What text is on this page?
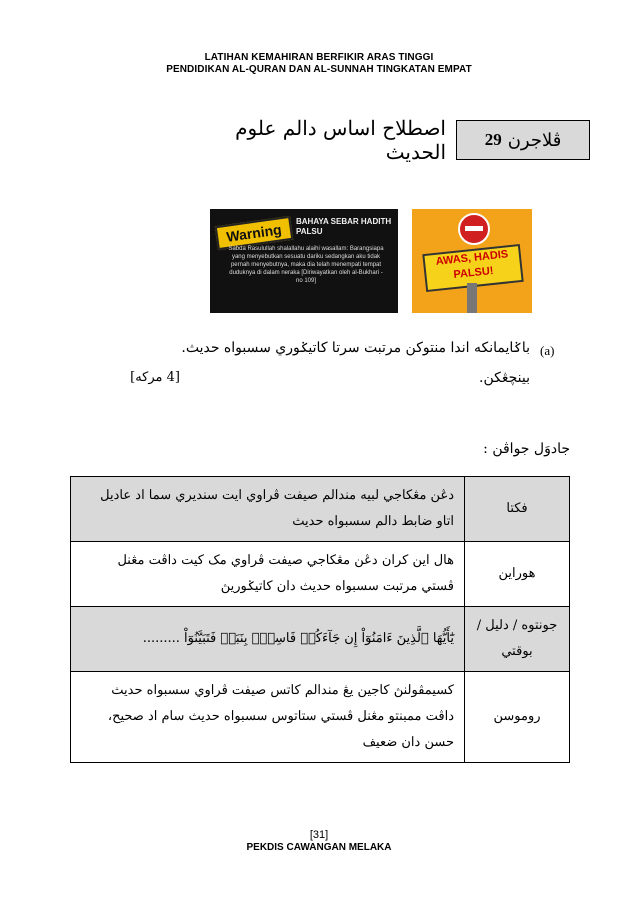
LATIHAN KEMAHIRAN BERFIKIR ARAS TINGGI
PENDIDIKAN AL-QURAN DAN AL-SUNNAH TINGKATAN EMPAT
اصطلاح اساس دالم علوم الحديث	ڤلاجرن
29
Warning	BAHAYA SEBAR HADITH PALSU
Sabda Rasulullah shalallahu alaihi wasallam: Barangsiapa yang menyebutkan sesuatu dariku sedangkan aku tidak pernah menyebutnya, maka dia telah menempati tempat duduknya di dalam neraka [Diriwayatkan oleh al-Bukhari - no 109]
AWAS, HADIS PALSU!
(a)
باݢايمانكه اندا منتوكن مرتبت سرتا كاتيݢوري سسبواه حديث.
بينچڠكن.
[4 مركه]
جادوَل جواڤن :
فكتا	دڠن مڠكاجي لبيه مندالم صيفت ڤراوي ايت سنديري سما اد عاديل اتاو ضابط دالم سسبواه حديث
هوراين	هال اين كران دڠن مڠكاجي صيفت ڤراوي مک کيت داڤت مڠنل ڤستي مرتبت سسبواه حديث دان كاتيݢوريڽ
جونتوه / دليل / بوقتي	يَٰٓأَيُّهَا ٱلَّذِينَ ءَامَنُوٓاْ إِن جَآءَكُمۡ فَاسِقُۢ بِنَبَإٖ فَتَبَيَّنُوٓاْ .........
روموسن	كسيمڤولنڽ كاجين يڠ مندالم كاتس صيفت ڤراوي سسبواه حديث داڤت ممبنتو مڠنل ڤستي ستاتوس سسبواه حديث سام اد صحيح، حسن دان ضعيف
[31]
PEKDIS CAWANGAN MELAKA
